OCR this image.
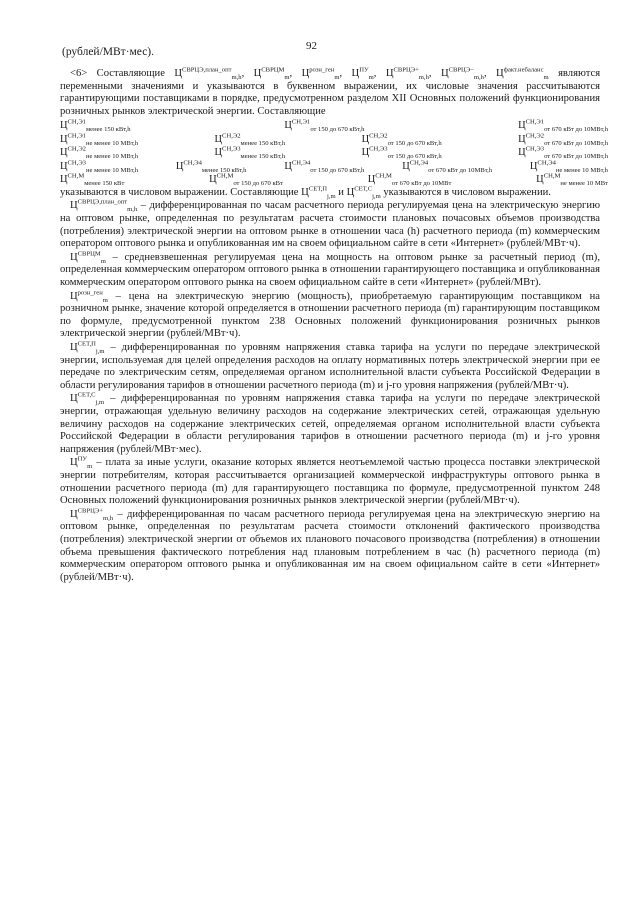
92
(рублей/МВт·мес).

<6> Составляющие $Ц^{СВРЦЭ,план\_опт}_{m,h}$, $Ц^{СВРЦМ}_m$, $Ц^{розн\_ген}_m$, $Ц^{ПУ}_m$, $Ц^{СВРЦЭ+}_{m,h}$, $Ц^{СВРЦЭ-}_{m,h}$, $Ц^{факт.небаланс}_m$ являются переменными значениями и указываются в буквенном выражении, их числовые значения рассчитываются гарантирующими поставщиками в порядке, предусмотренном разделом XII Основных положений функционирования розничных рынков электрической энергии. Составляющие

$Ц^{СН,Э1}_{менее 150 кВт,h}$	$Ц^{СН,Э1}_{от 150 до 670 кВт,h}$	$Ц^{СН,Э1}_{от 670 кВт до 10МВт,h}$
$Ц^{СН,Э1}_{не менее 10 МВт,h}$	$Ц^{СН,Э2}_{менее 150 кВт,h}$	$Ц^{СН,Э2}_{от 150 до 670 кВт,h}$	$Ц^{СН,Э2}_{от 670 кВт до 10МВт,h}$
$Ц^{СН,Э2}_{не менее 10 МВт,h}$	$Ц^{СН,Э3}_{менее 150 кВт,h}$	$Ц^{СН,Э3}_{от 150 до 670 кВт,h}$	$Ц^{СН,Э3}_{от 670 кВт до 10МВт,h}$
$Ц^{СН,Э3}_{не менее 10 МВт,h}$	$Ц^{СН,Э4}_{менее 150 кВт,h}$	$Ц^{СН,Э4}_{от 150 до 670 кВт,h}$	$Ц^{СН,Э4}_{от 670 кВт до 10МВт,h}$	$Ц^{СН,Э4}_{не менее 10 МВт,h}$
$Ц^{СН,М}_{менее 150 кВт}$	$Ц^{СН,М}_{от 150 до 670 кВт}$	$Ц^{СН,М}_{от 670 кВт до 10МВт}$	$Ц^{СН,М}_{не менее 10 МВт}$

указываются в числовом выражении. Составляющие $Ц^{СЕТ,П}_{j,m}$ и $Ц^{СЕТ,С}_{j,m}$ указываются в числовом выражении.

$Ц^{СВРЦЭ,план\_опт}_{m,h}$ – дифференцированная по часам расчетного периода регулируемая цена на электрическую энергию на оптовом рынке, определенная по результатам расчета стоимости плановых почасовых объемов производства (потребления) электрической энергии на оптовом рынке в отношении часа (h) расчетного периода (m) коммерческим оператором оптового рынка и опубликованная им на своем официальном сайте в сети «Интернет» (рублей/МВт·ч).

$Ц^{СВРЦМ}_m$ – средневзвешенная регулируемая цена на мощность на оптовом рынке за расчетный период (m), определенная коммерческим оператором оптового рынка в отношении гарантирующего поставщика и опубликованная коммерческим оператором оптового рынка на своем официальном сайте в сети «Интернет» (рублей/МВт).

$Ц^{розн\_ген}_m$ – цена на электрическую энергию (мощность), приобретаемую гарантирующим поставщиком на розничном рынке, значение которой определяется в отношении расчетного периода (m) гарантирующим поставщиком по формуле, предусмотренной пунктом 238 Основных положений функционирования розничных рынков электрической энергии (рублей/МВт·ч).

$Ц^{СЕТ,П}_{j,m}$ – дифференцированная по уровням напряжения ставка тарифа на услуги по передаче электрической энергии, используемая для целей определения расходов на оплату нормативных потерь электрической энергии при ее передаче по электрическим сетям, определяемая органом исполнительной власти субъекта Российской Федерации в области регулирования тарифов в отношении расчетного периода (m) и j-го уровня напряжения (рублей/МВт·ч).

$Ц^{СЕТ,С}_{j,m}$ – дифференцированная по уровням напряжения ставка тарифа на услуги по передаче электрической энергии, отражающая удельную величину расходов на содержание электрических сетей, отражающая удельную величину расходов на содержание электрических сетей, определяемая органом исполнительной власти субъекта Российской Федерации в области регулирования тарифов в отношении расчетного периода (m) и j-го уровня напряжения (рублей/МВт·мес).

$Ц^{ПУ}_m$ – плата за иные услуги, оказание которых является неотъемлемой частью процесса поставки электрической энергии потребителям, которая рассчитывается организацией коммерческой инфраструктуры оптового рынка в отношении расчетного периода (m) для гарантирующего поставщика по формуле, предусмотренной пунктом 248 Основных положений функционирования розничных рынков электрической энергии (рублей/МВт·ч).

$Ц^{СВРЦЭ+}_{m,h}$ – дифференцированная по часам расчетного периода регулируемая цена на электрическую энергию на оптовом рынке, определенная по результатам расчета стоимости отклонений фактического производства (потребления) электрической энергии от объемов их планового почасового производства (потребления) в отношении объема превышения фактического потребления над плановым потреблением в час (h) расчетного периода (m) коммерческим оператором оптового рынка и опубликованная им на своем официальном сайте в сети «Интернет» (рублей/МВт·ч).
